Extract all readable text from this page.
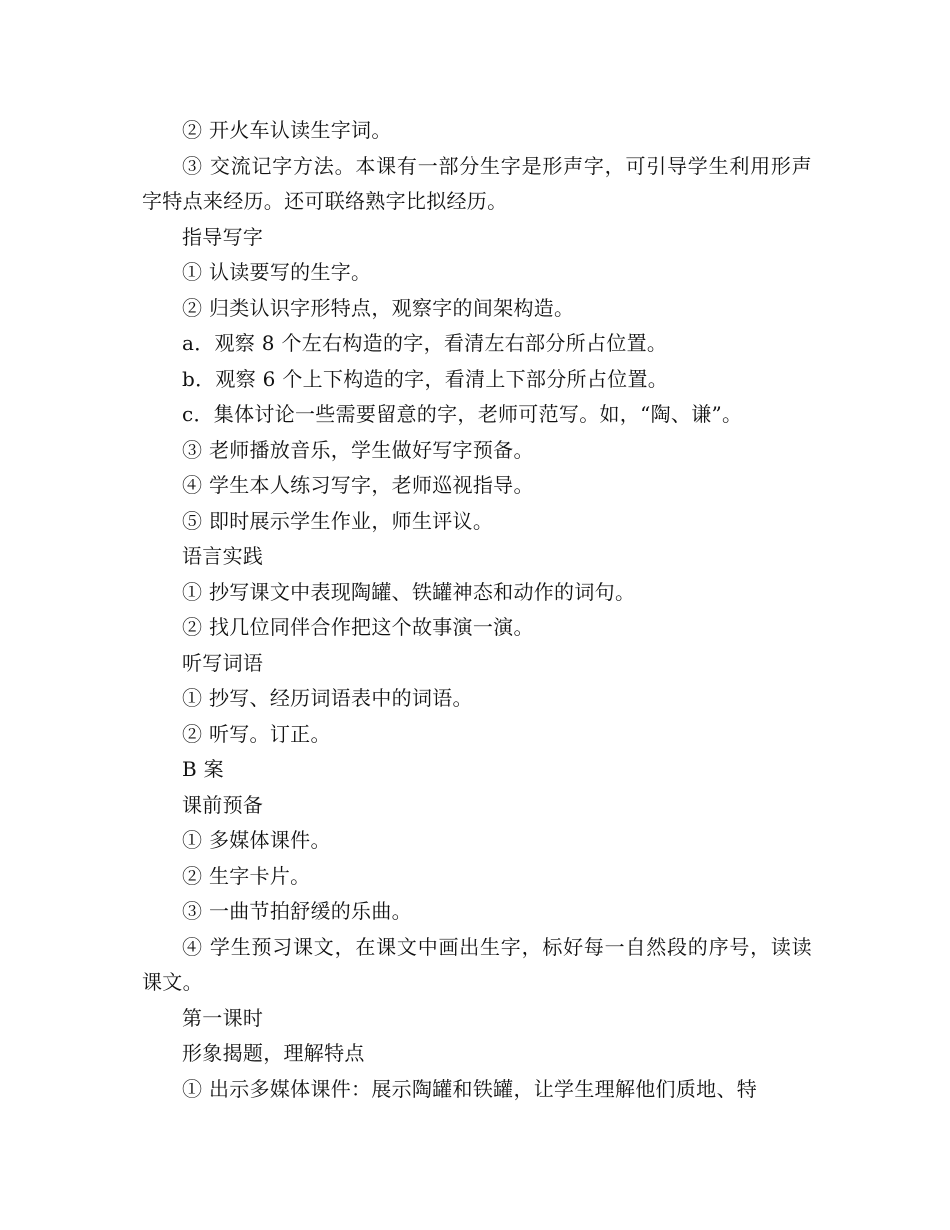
② 开火车认读生字词。
③ 交流记字方法。本课有一部分生字是形声字，可引导学生利用形声字特点来经历。还可联络熟字比拟经历。
指导写字
① 认读要写的生字。
② 归类认识字形特点，观察字的间架构造。
a．观察 8 个左右构造的字，看清左右部分所占位置。
b．观察 6 个上下构造的字，看清上下部分所占位置。
c．集体讨论一些需要留意的字，老师可范写。如，“陶、谦”。
③ 老师播放音乐，学生做好写字预备。
④ 学生本人练习写字，老师巡视指导。
⑤ 即时展示学生作业，师生评议。
语言实践
① 抄写课文中表现陶罐、铁罐神态和动作的词句。
② 找几位同伴合作把这个故事演一演。
听写词语
① 抄写、经历词语表中的词语。
② 听写。订正。
B 案
课前预备
① 多媒体课件。
② 生字卡片。
③ 一曲节拍舒缓的乐曲。
④ 学生预习课文，在课文中画出生字，标好每一自然段的序号，读读课文。
第一课时
形象揭题，理解特点
① 出示多媒体课件：展示陶罐和铁罐，让学生理解他们质地、特
